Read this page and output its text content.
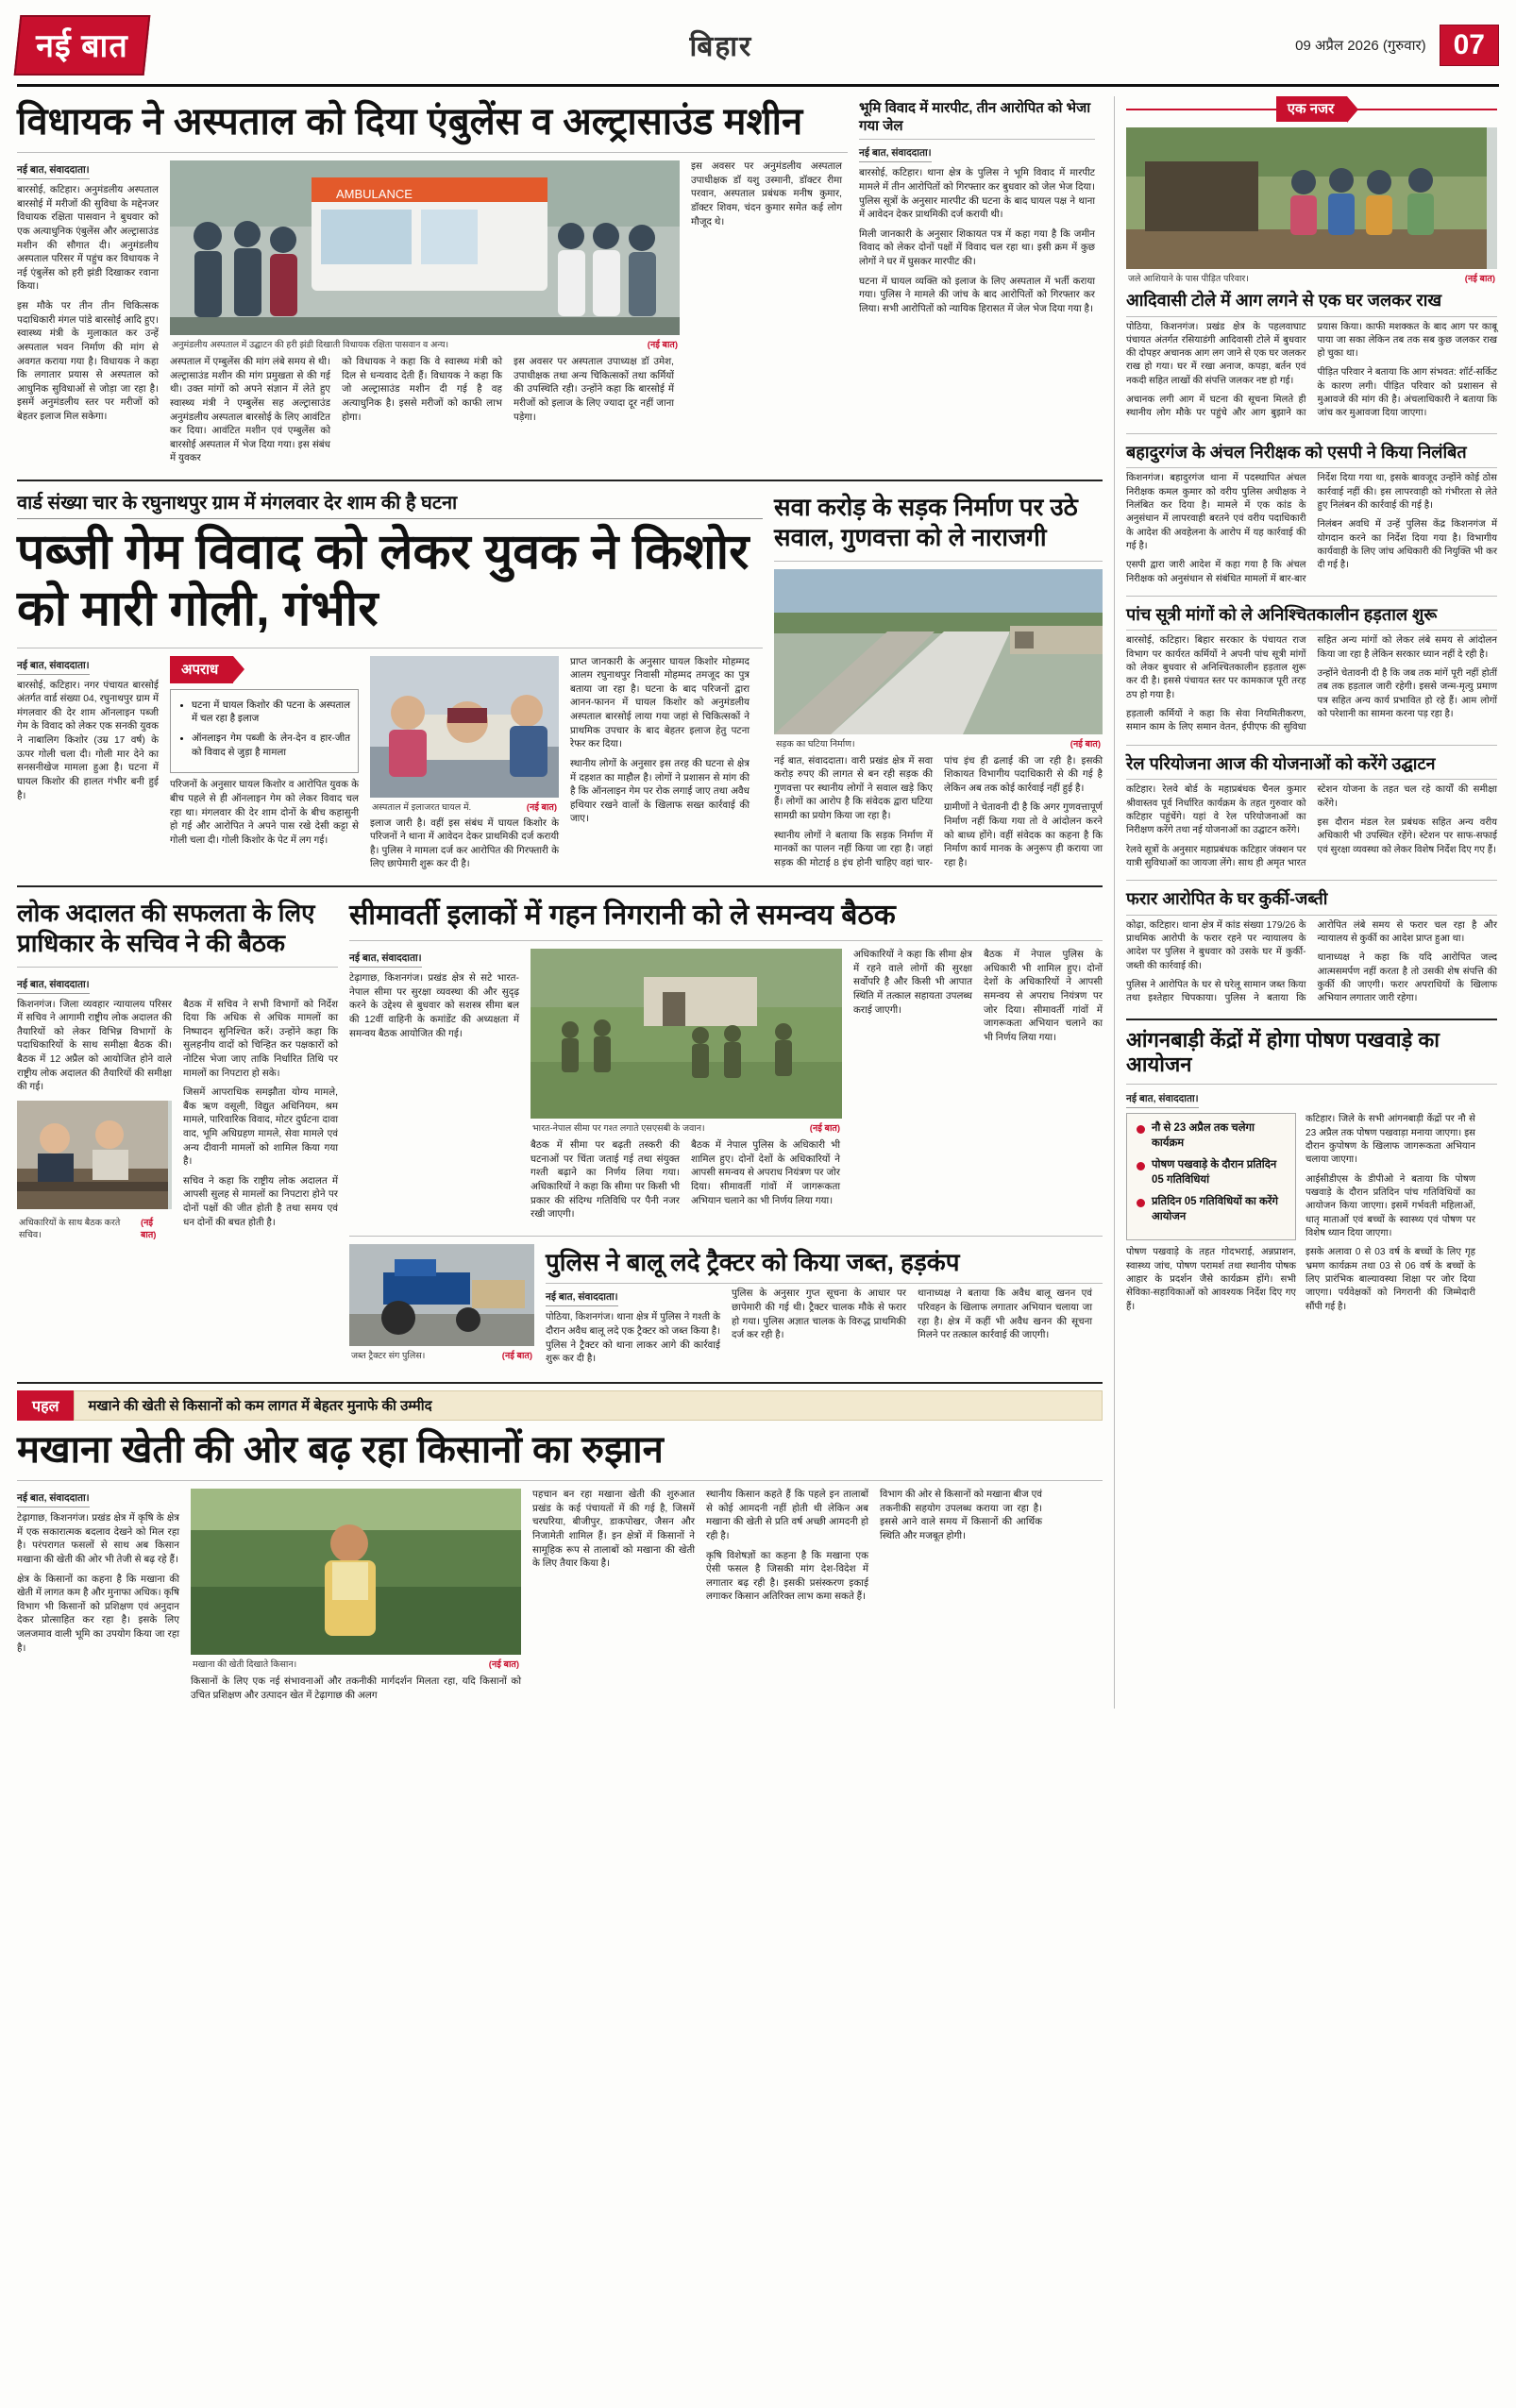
नई बात	बिहार	09 अप्रैल 2026 (गुरुवार) 07
विधायक ने अस्पताल को दिया एंबुलेंस व अल्ट्रासाउंड मशीन
नई बात, संवाददाता।

बारसोई, कटिहार। अनुमंडलीय अस्पताल बारसोई में मरीजों की सुविधा के मद्देनजर विधायक रक्षिता पासवान ने बुधवार को एक अत्याधुनिक एंबुलेंस और अल्ट्रासाउंड मशीन की सौगात दी। अनुमंडलीय अस्पताल परिसर में पहुंच कर विधायक ने नई एंबुलेंस को हरी झंडी दिखाकर रवाना किया।

इस मौके पर तीन तीन चिकित्सक पदाधिकारी मंगल पांडे बारसोई आदि हुए। स्वास्थ्य मंत्री के मुलाकात कर उन्हें अस्पताल भवन निर्माण की मांग से अवगत कराया गया है। विधायक ने कहा कि लगातार प्रयास से अस्पताल को आधुनिक सुविधाओं से जोड़ा जा रहा है। इसमें अनुमंडलीय स्तर पर मरीजों को बेहतर इलाज मिल सकेगा।

AMBULANCE
अनुमंडलीय अस्पताल में उद्घाटन की हरी झंडी दिखाती विधायक रक्षिता पासवान व अन्य।	(नई बात)

अस्पताल में एम्बुलेंस की मांग लंबे समय से थी। अल्ट्रासाउंड मशीन की मांग प्रमुखता से की गई थी। उक्त मांगों को अपने संज्ञान में लेते हुए स्वास्थ्य मंत्री ने एम्बुलेंस सह अल्ट्रासाउंड अनुमंडलीय अस्पताल बारसोई के लिए आवंटित कर दिया। आवंटित मशीन एवं एम्बुलेंस को बारसोई अस्पताल में भेज दिया गया। इस संबंध में युवकर

को विधायक ने कहा कि वे स्वास्थ्य मंत्री को दिल से धन्यवाद देती हैं। विधायक ने कहा कि जो अल्ट्रासाउंड मशीन दी गई है वह अत्याधुनिक है। इससे मरीजों को काफी लाभ होगा।

इस अवसर पर अस्पताल उपाध्यक्ष डॉ उमेश, उपाधीक्षक तथा अन्य चिकित्सकों तथा कर्मियों की उपस्थिति रही। उन्होंने कहा कि बारसोई में मरीजों को इलाज के लिए ज्यादा दूर नहीं जाना पड़ेगा।

इस अवसर पर अनुमंडलीय अस्पताल उपाधीक्षक डॉ यशु उस्मानी, डॉक्टर रीमा परवान, अस्पताल प्रबंधक मनीष कुमार, डॉक्टर शिवम, चंदन कुमार समेत कई लोग मौजूद थे।

भूमि विवाद में मारपीट, तीन आरोपित को भेजा गया जेल
नई बात, संवाददाता।

बारसोई, कटिहार। थाना क्षेत्र के पुलिस ने भूमि विवाद में मारपीट मामले में तीन आरोपितों को गिरफ्तार कर बुधवार को जेल भेज दिया। पुलिस सूत्रों के अनुसार मारपीट की घटना के बाद घायल पक्ष ने थाना में आवेदन देकर प्राथमिकी दर्ज करायी थी।

मिली जानकारी के अनुसार शिकायत पत्र में कहा गया है कि जमीन विवाद को लेकर दोनों पक्षों में विवाद चल रहा था। इसी क्रम में कुछ लोगों ने घर में घुसकर मारपीट की।

घटना में घायल व्यक्ति को इलाज के लिए अस्पताल में भर्ती कराया गया। पुलिस ने मामले की जांच के बाद आरोपितों को गिरफ्तार कर लिया। सभी आरोपितों को न्यायिक हिरासत में जेल भेज दिया गया है।

वार्ड संख्या चार के रघुनाथपुर ग्राम में मंगलवार देर शाम की है घटना
पब्जी गेम विवाद को लेकर युवक ने किशोर को मारी गोली, गंभीर
नई बात, संवाददाता।

बारसोई, कटिहार। नगर पंचायत बारसोई अंतर्गत वार्ड संख्या 04, रघुनाथपुर ग्राम में मंगलवार की देर शाम ऑनलाइन पब्जी गेम के विवाद को लेकर एक सनकी युवक ने नाबालिग किशोर (उम्र 17 वर्ष) के ऊपर गोली चला दी। गोली मार देने का सनसनीखेज मामला हुआ है। घटना में घायल किशोर की हालत गंभीर बनी हुई है।

अपराध
• घटना में घायल किशोर की पटना के अस्पताल में चल रहा है इलाज
• ऑनलाइन गेम पब्जी के लेन-देन व हार-जीत को विवाद से जुड़ा है मामला

परिजनों के अनुसार घायल किशोर व आरोपित युवक के बीच पहले से ही ऑनलाइन गेम को लेकर विवाद चल रहा था। मंगलवार की देर शाम दोनों के बीच कहासुनी हो गई और आरोपित ने अपने पास रखे देसी कट्टा से गोली चला दी। गोली किशोर के पेट में लग गई।

अस्पताल में इलाजरत घायल में.	(नई बात)

इलाज जारी है। वहीं इस संबंध में घायल किशोर के परिजनों ने थाना में आवेदन देकर प्राथमिकी दर्ज करायी है। पुलिस ने मामला दर्ज कर आरोपित की गिरफ्तारी के लिए छापेमारी शुरू कर दी है।

प्राप्त जानकारी के अनुसार घायल किशोर मोहम्मद आलम रघुनाथपुर निवासी मोहम्मद तमजूद का पुत्र बताया जा रहा है। घटना के बाद परिजनों द्वारा आनन-फानन में घायल किशोर को अनुमंडलीय अस्पताल बारसोई लाया गया जहां से चिकित्सकों ने प्राथमिक उपचार के बाद बेहतर इलाज हेतु पटना रेफर कर दिया।

स्थानीय लोगों के अनुसार इस तरह की घटना से क्षेत्र में दहशत का माहौल है। लोगों ने प्रशासन से मांग की है कि ऑनलाइन गेम पर रोक लगाई जाए तथा अवैध हथियार रखने वालों के खिलाफ सख्त कार्रवाई की जाए।

सवा करोड़ के सड़क निर्माण पर उठे सवाल, गुणवत्ता को ले नाराजगी
सड़क का घटिया निर्माण।	(नई बात)

नई बात, संवाददाता। वारी प्रखंड क्षेत्र में सवा करोड़ रुपए की लागत से बन रही सड़क की गुणवत्ता पर स्थानीय लोगों ने सवाल खड़े किए हैं। लोगों का आरोप है कि संवेदक द्वारा घटिया सामग्री का प्रयोग किया जा रहा है।

स्थानीय लोगों ने बताया कि सड़क निर्माण में मानकों का पालन नहीं किया जा रहा है। जहां सड़क की मोटाई 8 इंच होनी चाहिए वहां चार-पांच इंच ही ढलाई की जा रही है। इसकी शिकायत विभागीय पदाधिकारी से की गई है लेकिन अब तक कोई कार्रवाई नहीं हुई है।

ग्रामीणों ने चेतावनी दी है कि अगर गुणवत्तापूर्ण निर्माण नहीं किया गया तो वे आंदोलन करने को बाध्य होंगे। वहीं संवेदक का कहना है कि निर्माण कार्य मानक के अनुरूप ही कराया जा रहा है।

लोक अदालत की सफलता के लिए प्राधिकार के सचिव ने की बैठक
नई बात, संवाददाता।

किशनगंज। जिला व्यवहार न्यायालय परिसर में सचिव ने आगामी राष्ट्रीय लोक अदालत की तैयारियों को लेकर विभिन्न विभागों के पदाधिकारियों के साथ समीक्षा बैठक की। बैठक में 12 अप्रैल को आयोजित होने वाले राष्ट्रीय लोक अदालत की तैयारियों की समीक्षा की गई।

अधिकारियों के साथ बैठक करते सचिव।
(नई बात)

बैठक में सचिव ने सभी विभागों को निर्देश दिया कि अधिक से अधिक मामलों का निष्पादन सुनिश्चित करें। उन्होंने कहा कि सुलहनीय वादों को चिन्हित कर पक्षकारों को नोटिस भेजा जाए ताकि निर्धारित तिथि पर मामलों का निपटारा हो सके।

जिसमें आपराधिक समझौता योग्य मामले, बैंक ऋण वसूली, विद्युत अधिनियम, श्रम मामले, पारिवारिक विवाद, मोटर दुर्घटना दावा वाद, भूमि अधिग्रहण मामले, सेवा मामले एवं अन्य दीवानी मामलों को शामिल किया गया है।

सचिव ने कहा कि राष्ट्रीय लोक अदालत में आपसी सुलह से मामलों का निपटारा होने पर दोनों पक्षों की जीत होती है तथा समय एवं धन दोनों की बचत होती है।

सीमावर्ती इलाकों में गहन निगरानी को ले समन्वय बैठक
नई बात, संवाददाता।

टेढ़ागाछ, किशनगंज। प्रखंड क्षेत्र से सटे भारत-नेपाल सीमा पर सुरक्षा व्यवस्था की और सुदृढ़ करने के उद्देश्य से बुधवार को सशस्त्र सीमा बल की 12वीं वाहिनी के कमांडेंट की अध्यक्षता में समन्वय बैठक आयोजित की गई।

भारत-नेपाल सीमा पर गश्त लगाते एसएसबी के जवान।	(नई बात)

बैठक में सीमा पर बढ़ती तस्करी की घटनाओं पर चिंता जताई गई तथा संयुक्त गश्ती बढ़ाने का निर्णय लिया गया। अधिकारियों ने कहा कि सीमा पर किसी भी प्रकार की संदिग्ध गतिविधि पर पैनी नजर रखी जाएगी।

बैठक में नेपाल पुलिस के अधिकारी भी शामिल हुए। दोनों देशों के अधिकारियों ने आपसी समन्वय से अपराध नियंत्रण पर जोर दिया। सीमावर्ती गांवों में जागरूकता अभियान चलाने का भी निर्णय लिया गया।

अधिकारियों ने कहा कि सीमा क्षेत्र में रहने वाले लोगों की सुरक्षा सर्वोपरि है और किसी भी आपात स्थिति में तत्काल सहायता उपलब्ध कराई जाएगी।

बैठक में नेपाल पुलिस के अधिकारी भी शामिल हुए। दोनों देशों के अधिकारियों ने आपसी समन्वय से अपराध नियंत्रण पर जोर दिया। सीमावर्ती गांवों में जागरूकता अभियान चलाने का भी निर्णय लिया गया।

जब्त ट्रैक्टर संग पुलिस।	(नई बात)
पुलिस ने बालू लदे ट्रैक्टर को किया जब्त, हड़कंप
नई बात, संवाददाता।

पोठिया, किशनगंज। थाना क्षेत्र में पुलिस ने गश्ती के दौरान अवैध बालू लदे एक ट्रैक्टर को जब्त किया है। पुलिस ने ट्रैक्टर को थाना लाकर आगे की कार्रवाई शुरू कर दी है।

पुलिस के अनुसार गुप्त सूचना के आधार पर छापेमारी की गई थी। ट्रैक्टर चालक मौके से फरार हो गया। पुलिस अज्ञात चालक के विरुद्ध प्राथमिकी दर्ज कर रही है।

थानाध्यक्ष ने बताया कि अवैध बालू खनन एवं परिवहन के खिलाफ लगातार अभियान चलाया जा रहा है। क्षेत्र में कहीं भी अवैध खनन की सूचना मिलने पर तत्काल कार्रवाई की जाएगी।

पहल	मखाने की खेती से किसानों को कम लागत में बेहतर मुनाफे की उम्मीद
मखाना खेती की ओर बढ़ रहा किसानों का रुझान
नई बात, संवाददाता।

टेढ़ागाछ, किशनगंज। प्रखंड क्षेत्र में कृषि के क्षेत्र में एक सकारात्मक बदलाव देखने को मिल रहा है। परंपरागत फसलों से साथ अब किसान मखाना की खेती की ओर भी तेजी से बढ़ रहे हैं।

क्षेत्र के किसानों का कहना है कि मखाना की खेती में लागत कम है और मुनाफा अधिक। कृषि विभाग भी किसानों को प्रशिक्षण एवं अनुदान देकर प्रोत्साहित कर रहा है। इसके लिए जलजमाव वाली भूमि का उपयोग किया जा रहा है।

मखाना की खेती दिखाते किसान।	(नई बात)

किसानों के लिए एक नई संभावनाओं और तकनीकी मार्गदर्शन मिलता रहा, यदि किसानों को उचित प्रशिक्षण और उत्पादन खेत में टेढ़ागाछ की अलग

पहचान बन रहा मखाना खेती की शुरुआत प्रखंड के कई पंचायतों में की गई है, जिसमें चरघरिया, बीजीपुर, डाकपोखर, जैसन और निजामेती शामिल हैं। इन क्षेत्रों में किसानों ने सामूहिक रूप से तालाबों को मखाना की खेती के लिए तैयार किया है।

स्थानीय किसान कहते हैं कि पहले इन तालाबों से कोई आमदनी नहीं होती थी लेकिन अब मखाना की खेती से प्रति वर्ष अच्छी आमदनी हो रही है।

कृषि विशेषज्ञों का कहना है कि मखाना एक ऐसी फसल है जिसकी मांग देश-विदेश में लगातार बढ़ रही है। इसकी प्रसंस्करण इकाई लगाकर किसान अतिरिक्त लाभ कमा सकते हैं।

विभाग की ओर से किसानों को मखाना बीज एवं तकनीकी सहयोग उपलब्ध कराया जा रहा है। इससे आने वाले समय में किसानों की आर्थिक स्थिति और मजबूत होगी।

एक नजर
जले आशियाने के पास पीड़ित परिवार।	(नई बात)
आदिवासी टोले में आग लगने से एक घर जलकर राख

पोठिया, किशनगंज। प्रखंड क्षेत्र के पहलवाघाट पंचायत अंतर्गत रसियाडंगी आदिवासी टोले में बुधवार की दोपहर अचानक आग लग जाने से एक घर जलकर राख हो गया। घर में रखा अनाज, कपड़ा, बर्तन एवं नकदी सहित लाखों की संपत्ति जलकर नष्ट हो गई।

अचानक लगी आग में घटना की सूचना मिलते ही स्थानीय लोग मौके पर पहुंचे और आग बुझाने का प्रयास किया। काफी मशक्कत के बाद आग पर काबू पाया जा सका लेकिन तब तक सब कुछ जलकर राख हो चुका था।

पीड़ित परिवार ने बताया कि आग संभवत: शॉर्ट-सर्किट के कारण लगी। पीड़ित परिवार को प्रशासन से मुआवजे की मांग की है। अंचलाधिकारी ने बताया कि जांच कर मुआवजा दिया जाएगा।

बहादुरगंज के अंचल निरीक्षक को एसपी ने किया निलंबित

किशनगंज। बहादुरगंज थाना में पदस्थापित अंचल निरीक्षक कमल कुमार को वरीय पुलिस अधीक्षक ने निलंबित कर दिया है। मामले में एक कांड के अनुसंधान में लापरवाही बरतने एवं वरीय पदाधिकारी के आदेश की अवहेलना के आरोप में यह कार्रवाई की गई है।

एसपी द्वारा जारी आदेश में कहा गया है कि अंचल निरीक्षक को अनुसंधान से संबंधित मामलों में बार-बार निर्देश दिया गया था, इसके बावजूद उन्होंने कोई ठोस कार्रवाई नहीं की। इस लापरवाही को गंभीरता से लेते हुए निलंबन की कार्रवाई की गई है।

निलंबन अवधि में उन्हें पुलिस केंद्र किशनगंज में योगदान करने का निर्देश दिया गया है। विभागीय कार्यवाही के लिए जांच अधिकारी की नियुक्ति भी कर दी गई है।

पांच सूत्री मांगों को ले अनिश्चितकालीन हड़ताल शुरू

बारसोई, कटिहार। बिहार सरकार के पंचायत राज विभाग पर कार्यरत कर्मियों ने अपनी पांच सूत्री मांगों को लेकर बुधवार से अनिश्चितकालीन हड़ताल शुरू कर दी है। इससे पंचायत स्तर पर कामकाज पूरी तरह ठप हो गया है।

हड़ताली कर्मियों ने कहा कि सेवा नियमितीकरण, समान काम के लिए समान वेतन, ईपीएफ की सुविधा सहित अन्य मांगों को लेकर लंबे समय से आंदोलन किया जा रहा है लेकिन सरकार ध्यान नहीं दे रही है।

उन्होंने चेतावनी दी है कि जब तक मांगें पूरी नहीं होतीं तब तक हड़ताल जारी रहेगी। इससे जन्म-मृत्यु प्रमाण पत्र सहित अन्य कार्य प्रभावित हो रहे हैं। आम लोगों को परेशानी का सामना करना पड़ रहा है।

रेल परियोजना आज की योजनाओं को करेंगे उद्घाटन

कटिहार। रेलवे बोर्ड के महाप्रबंधक चैनल कुमार श्रीवास्तव पूर्व निर्धारित कार्यक्रम के तहत गुरुवार को कटिहार पहुंचेंगे। यहां वे रेल परियोजनाओं का निरीक्षण करेंगे तथा नई योजनाओं का उद्घाटन करेंगे।

रेलवे सूत्रों के अनुसार महाप्रबंधक कटिहार जंक्शन पर यात्री सुविधाओं का जायजा लेंगे। साथ ही अमृत भारत स्टेशन योजना के तहत चल रहे कार्यों की समीक्षा करेंगे।

इस दौरान मंडल रेल प्रबंधक सहित अन्य वरीय अधिकारी भी उपस्थित रहेंगे। स्टेशन पर साफ-सफाई एवं सुरक्षा व्यवस्था को लेकर विशेष निर्देश दिए गए हैं।

फरार आरोपित के घर कुर्की-जब्ती

कोढ़ा, कटिहार। थाना क्षेत्र में कांड संख्या 179/26 के प्राथमिक आरोपी के फरार रहने पर न्यायालय के आदेश पर पुलिस ने बुधवार को उसके घर में कुर्की-जब्ती की कार्रवाई की।

पुलिस ने आरोपित के घर से घरेलू सामान जब्त किया तथा इश्तेहार चिपकाया। पुलिस ने बताया कि आरोपित लंबे समय से फरार चल रहा है और न्यायालय से कुर्की का आदेश प्राप्त हुआ था।

थानाध्यक्ष ने कहा कि यदि आरोपित जल्द आत्मसमर्पण नहीं करता है तो उसकी शेष संपत्ति की कुर्की की जाएगी। फरार अपराधियों के खिलाफ अभियान लगातार जारी रहेगा।

आंगनबाड़ी केंद्रों में होगा पोषण पखवाड़े का आयोजन
नई बात, संवाददाता।
नौ से 23 अप्रैल तक चलेगा कार्यक्रम
पोषण पखवाड़े के दौरान प्रतिदिन 05 गतिविधियां
प्रतिदिन 05 गतिविधियों का करेंगे आयोजन

पोषण पखवाड़े के तहत गोदभराई, अन्नप्राशन, स्वास्थ्य जांच, पोषण परामर्श तथा स्थानीय पोषक आहार के प्रदर्शन जैसे कार्यक्रम होंगे। सभी सेविका-सहायिकाओं को आवश्यक निर्देश दिए गए हैं।

कटिहार। जिले के सभी आंगनबाड़ी केंद्रों पर नौ से 23 अप्रैल तक पोषण पखवाड़ा मनाया जाएगा। इस दौरान कुपोषण के खिलाफ जागरूकता अभियान चलाया जाएगा।

आईसीडीएस के डीपीओ ने बताया कि पोषण पखवाड़े के दौरान प्रतिदिन पांच गतिविधियों का आयोजन किया जाएगा। इसमें गर्भवती महिलाओं, धातृ माताओं एवं बच्चों के स्वास्थ्य एवं पोषण पर विशेष ध्यान दिया जाएगा।

इसके अलावा 0 से 03 वर्ष के बच्चों के लिए गृह भ्रमण कार्यक्रम तथा 03 से 06 वर्ष के बच्चों के लिए प्रारंभिक बाल्यावस्था शिक्षा पर जोर दिया जाएगा। पर्यवेक्षकों को निगरानी की जिम्मेदारी सौंपी गई है।
